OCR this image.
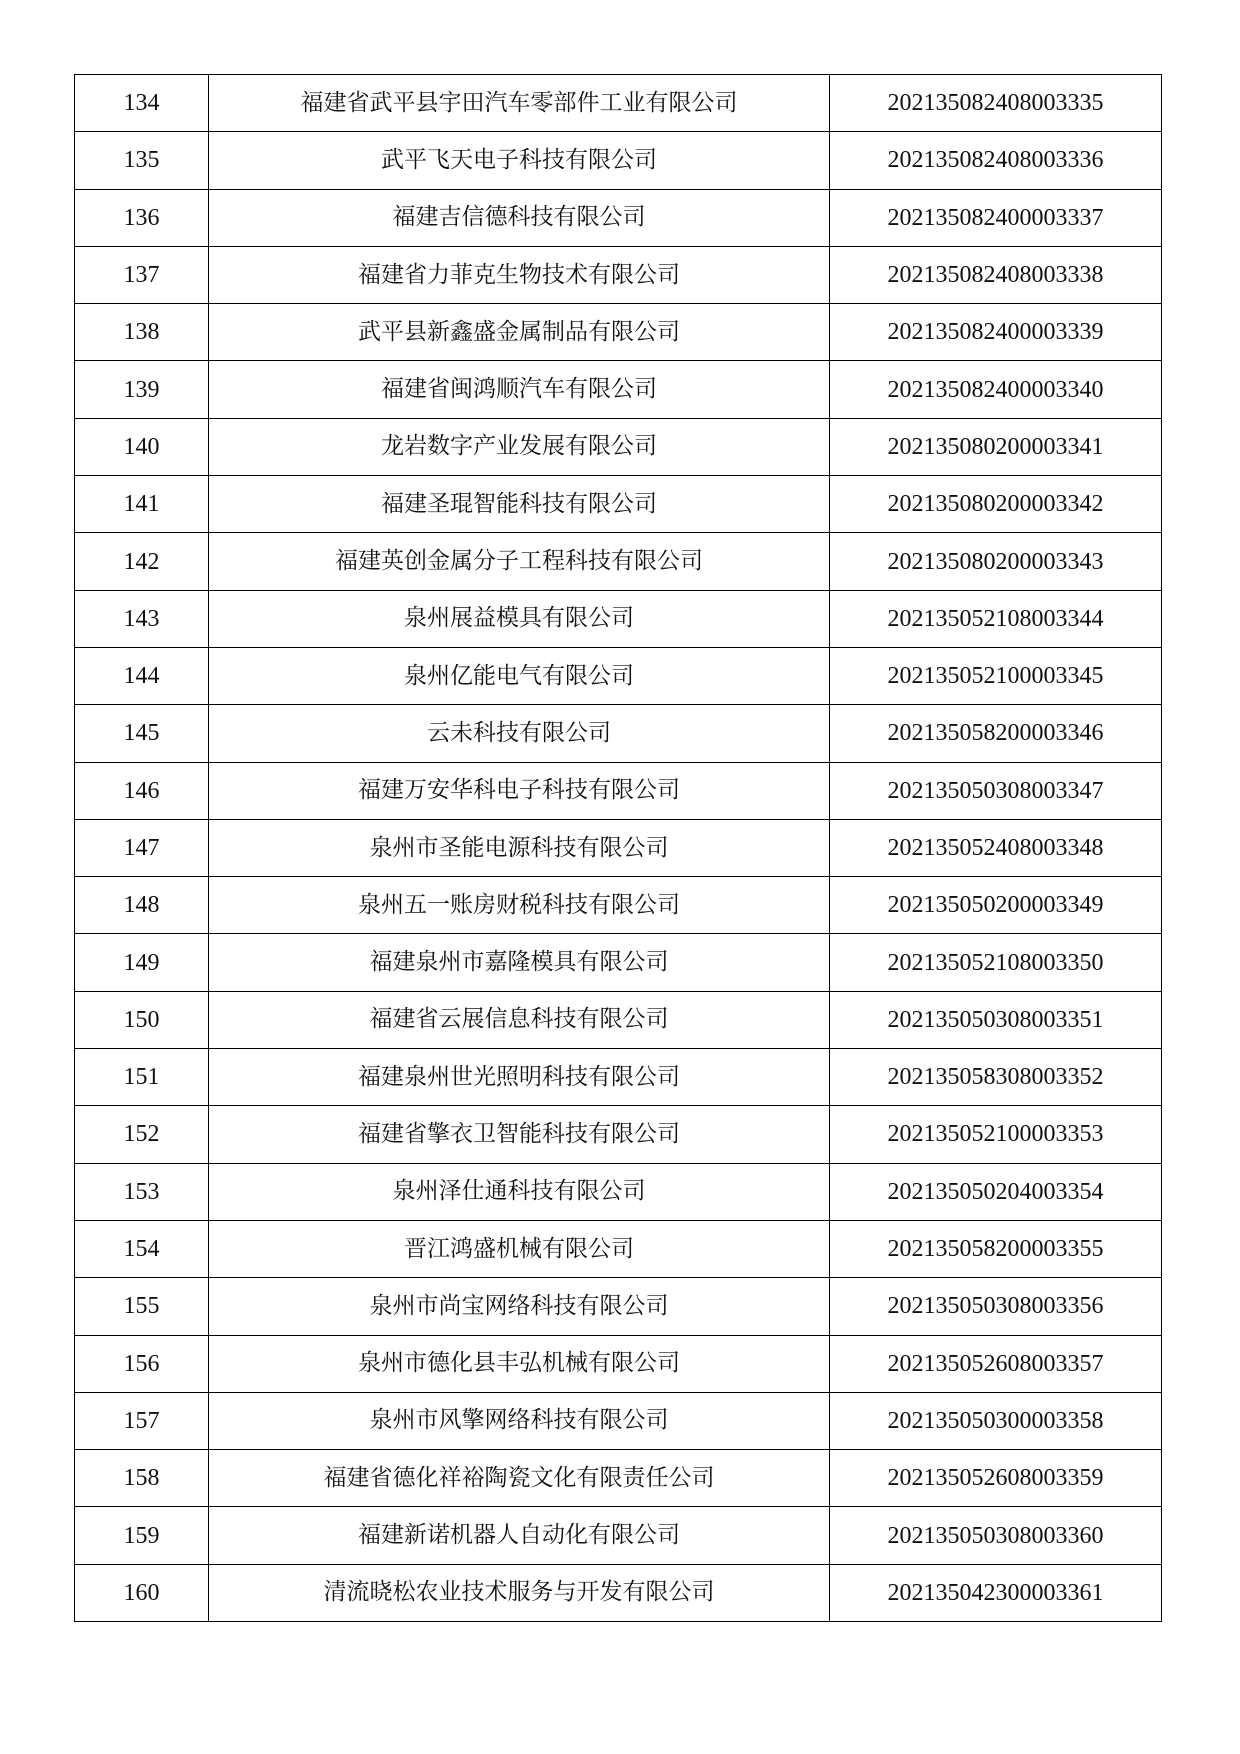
134	福建省武平县宇田汽车零部件工业有限公司	202135082408003335
135	武平飞天电子科技有限公司	202135082408003336
136	福建吉信德科技有限公司	202135082400003337
137	福建省力菲克生物技术有限公司	202135082408003338
138	武平县新鑫盛金属制品有限公司	202135082400003339
139	福建省闽鸿顺汽车有限公司	202135082400003340
140	龙岩数字产业发展有限公司	202135080200003341
141	福建圣琨智能科技有限公司	202135080200003342
142	福建英创金属分子工程科技有限公司	202135080200003343
143	泉州展益模具有限公司	202135052108003344
144	泉州亿能电气有限公司	202135052100003345
145	云未科技有限公司	202135058200003346
146	福建万安华科电子科技有限公司	202135050308003347
147	泉州市圣能电源科技有限公司	202135052408003348
148	泉州五一账房财税科技有限公司	202135050200003349
149	福建泉州市嘉隆模具有限公司	202135052108003350
150	福建省云展信息科技有限公司	202135050308003351
151	福建泉州世光照明科技有限公司	202135058308003352
152	福建省擎衣卫智能科技有限公司	202135052100003353
153	泉州泽仕通科技有限公司	202135050204003354
154	晋江鸿盛机械有限公司	202135058200003355
155	泉州市尚宝网络科技有限公司	202135050308003356
156	泉州市德化县丰弘机械有限公司	202135052608003357
157	泉州市风擎网络科技有限公司	202135050300003358
158	福建省德化祥裕陶瓷文化有限责任公司	202135052608003359
159	福建新诺机器人自动化有限公司	202135050308003360
160	清流晓松农业技术服务与开发有限公司	202135042300003361
